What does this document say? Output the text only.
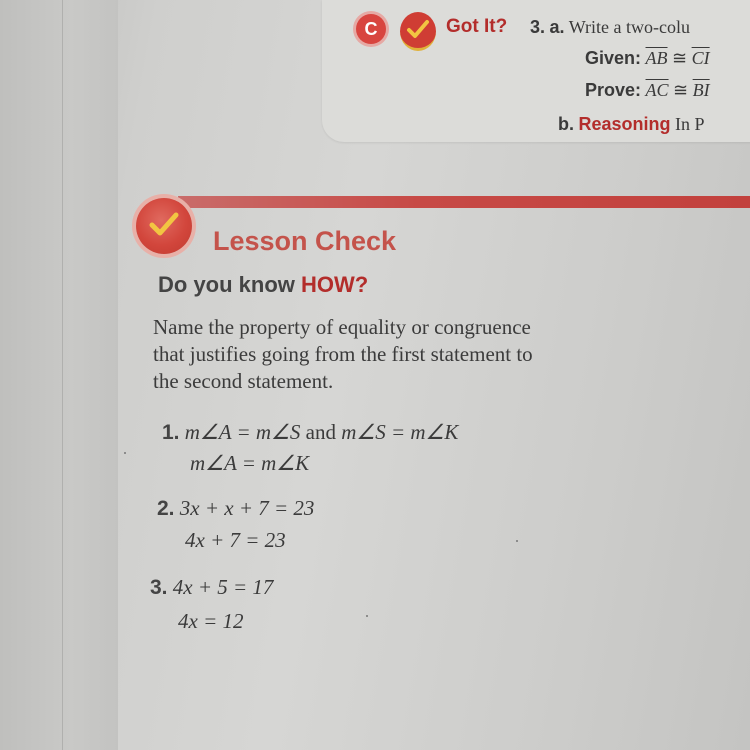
C	Got It? 3. a. Write a two-colu
Given: $\overline{AB}$ ≅ $\overline{CI}$
Prove: $\overline{AC}$ ≅ $\overline{BI}$
b. Reasoning In P
Lesson Check
Do you know HOW?
Name the property of equality or congruence
that justifies going from the first statement to
the second statement.
1. m∠A = m∠S and m∠S = m∠K
m∠A = m∠K
2. 3x + x + 7 = 23
4x + 7 = 23
3. 4x + 5 = 17
4x = 12
